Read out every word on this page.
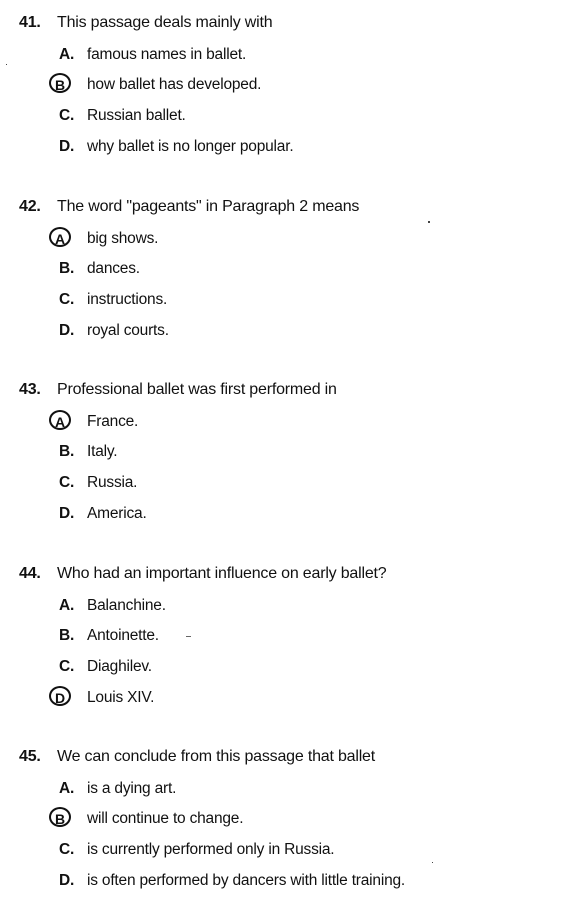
41. This passage deals mainly with
A. famous names in ballet.
B how ballet has developed.
C. Russian ballet.
D. why ballet is no longer popular.
42. The word "pageants" in Paragraph 2 means
A big shows.
B. dances.
C. instructions.
D. royal courts.
43. Professional ballet was first performed in
A France.
B. Italy.
C. Russia.
D. America.
44. Who had an important influence on early ballet?
A. Balanchine.
B. Antoinette.
C. Diaghilev.
D Louis XIV.
45. We can conclude from this passage that ballet
A. is a dying art.
B will continue to change.
C. is currently performed only in Russia.
D. is often performed by dancers with little training.
